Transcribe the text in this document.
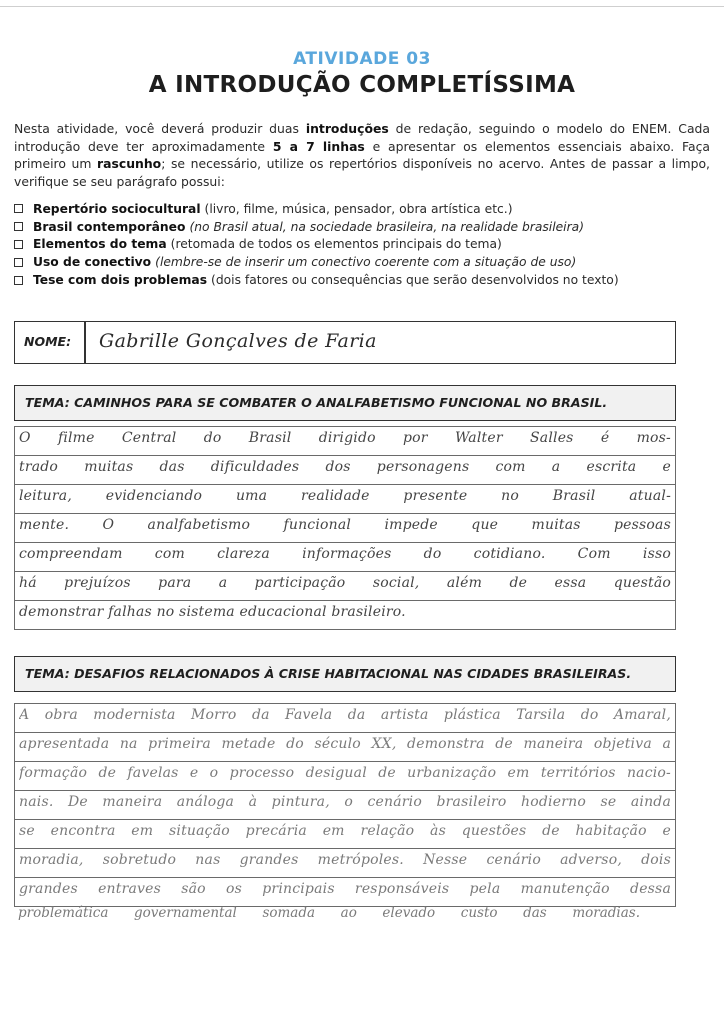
ATIVIDADE 03
A INTRODUÇÃO COMPLETÍSSIMA

Nesta atividade, você deverá produzir duas introduções de redação, seguindo o modelo do ENEM. Cada introdução deve ter aproximadamente 5 a 7 linhas e apresentar os elementos essenciais abaixo. Faça primeiro um rascunho; se necessário, utilize os repertórios disponíveis no acervo. Antes de passar a limpo, verifique se seu parágrafo possui:

Repertório sociocultural (livro, filme, música, pensador, obra artística etc.)
Brasil contemporâneo (no Brasil atual, na sociedade brasileira, na realidade brasileira)
Elementos do tema (retomada de todos os elementos principais do tema)
Uso de conectivo (lembre-se de inserir um conectivo coerente com a situação de uso)
Tese com dois problemas (dois fatores ou consequências que serão desenvolvidos no texto)
NOME: Gabrille Gonçalves de Faria
TEMA: CAMINHOS PARA SE COMBATER O ANALFABETISMO FUNCIONAL NO BRASIL.
O filme Central do Brasil dirigido por Walter Salles é mos-
trado muitas das dificuldades dos personagens com a escrita e
leitura, evidenciando uma realidade presente no Brasil atual-
mente. O analfabetismo funcional impede que muitas pessoas
compreendam com clareza informações do cotidiano. Com isso
há prejuízos para a participação social, além de essa questão
demonstrar falhas no sistema educacional brasileiro.
TEMA: DESAFIOS RELACIONADOS À CRISE HABITACIONAL NAS CIDADES BRASILEIRAS.
A obra modernista Morro da Favela da artista plástica Tarsila do Amaral,
apresentada na primeira metade do século XX, demonstra de maneira objetiva a
formação de favelas e o processo desigual de urbanização em territórios nacio-
nais. De maneira análoga à pintura, o cenário brasileiro hodierno se ainda
se encontra em situação precária em relação às questões de habitação e
moradia, sobretudo nas grandes metrópoles. Nesse cenário adverso, dois
grandes entraves são os principais responsáveis pela manutenção dessa
problemática governamental somada ao elevado custo das moradias.
